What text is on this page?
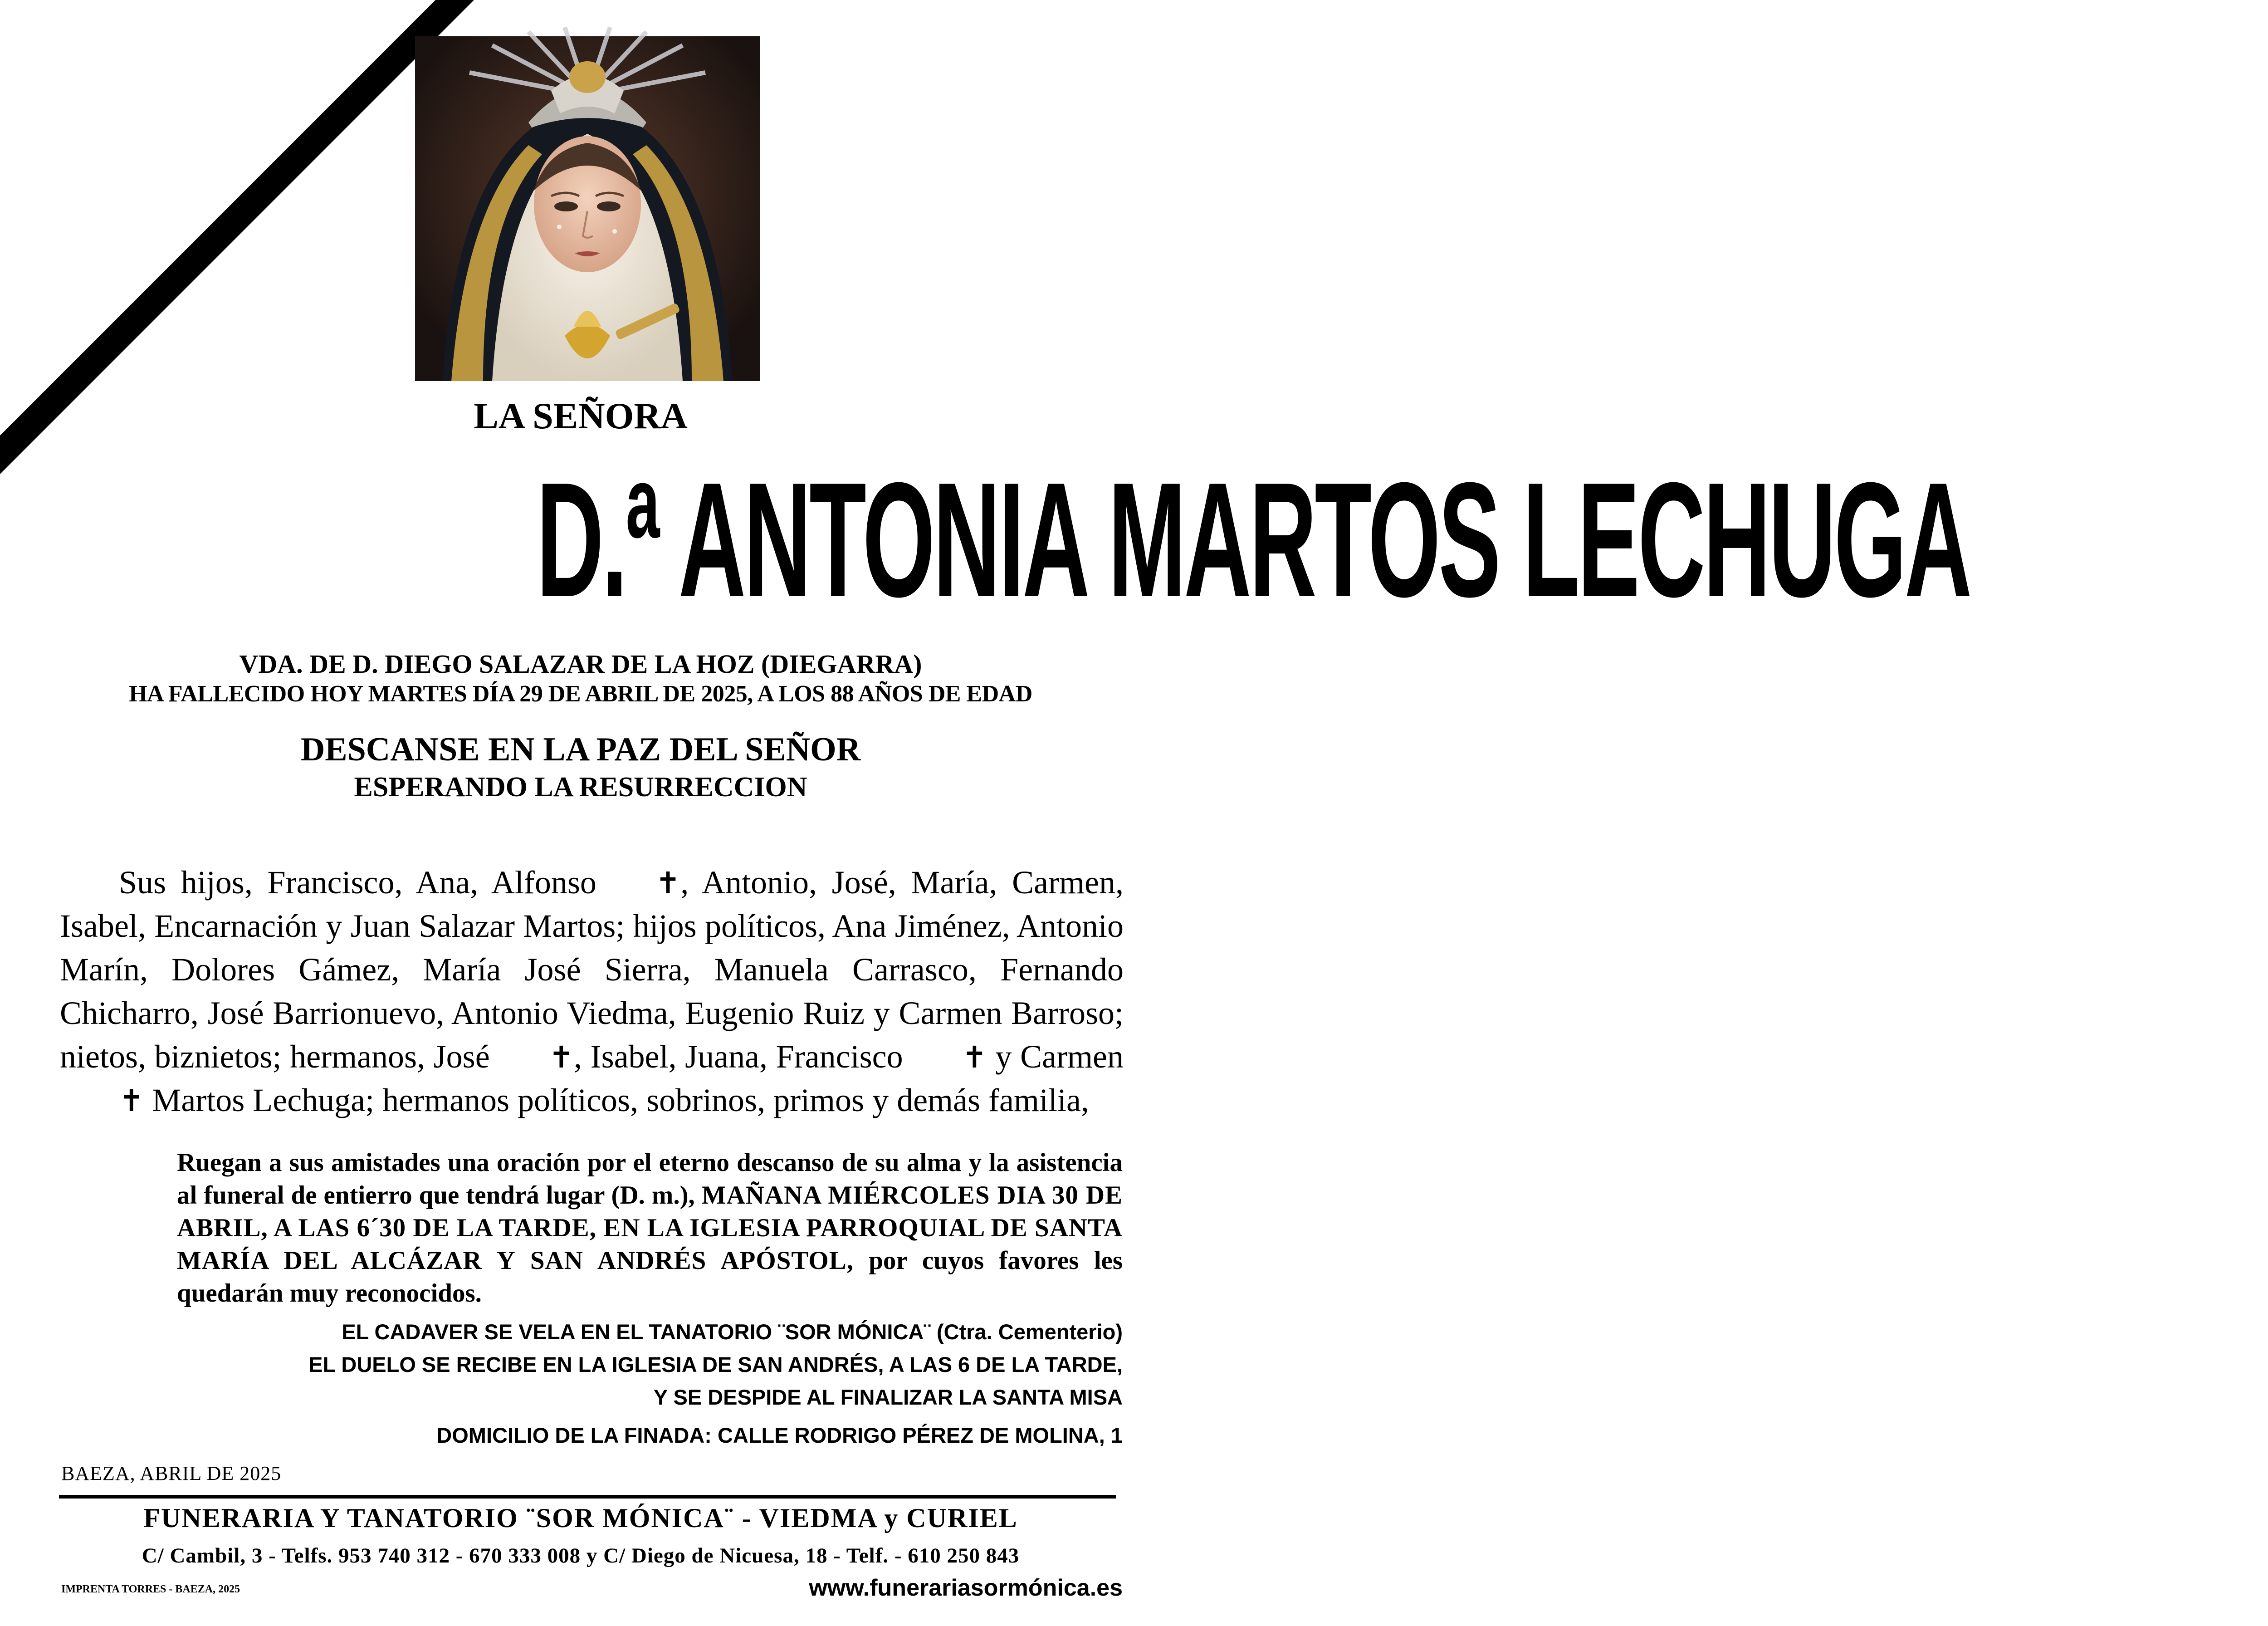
LA SEÑORA
D.ª ANTONIA MARTOS LECHUGA
VDA. DE D. DIEGO SALAZAR DE LA HOZ (DIEGARRA)
HA FALLECIDO HOY MARTES DÍA 29 DE ABRIL DE 2025, A LOS 88 AÑOS DE EDAD
DESCANSE EN LA PAZ DEL SEÑOR
ESPERANDO LA RESURRECCION

Sus hijos, Francisco, Ana, Alfonso ✝, Antonio, José, María, Carmen, Isabel, Encarnación y Juan Salazar Martos; hijos políticos, Ana Jiménez, Antonio Marín, Dolores Gámez, María José Sierra, Manuela Carrasco, Fernando Chicharro, José Barrionuevo, Antonio Viedma, Eugenio Ruiz y Carmen Barroso; nietos, biznietos; hermanos, José ✝, Isabel, Juana, Francisco ✝ y Carmen✝ Martos Lechuga; hermanos políticos, sobrinos, primos y demás familia,

Ruegan a sus amistades una oración por el eterno descanso de su alma y la asistencia al funeral de entierro que tendrá lugar (D. m.), MAÑANA MIÉRCOLES DIA 30 DE ABRIL, A LAS 6´30 DE LA TARDE, EN LA IGLESIA PARROQUIAL DE SANTA MARÍA DEL ALCÁZAR Y SAN ANDRÉS APÓSTOL, por cuyos favores les quedarán muy reconocidos.

EL CADAVER SE VELA EN EL TANATORIO ¨SOR MÓNICA¨ (Ctra. Cementerio)
EL DUELO SE RECIBE EN LA IGLESIA DE SAN ANDRÉS, A LAS 6 DE LA TARDE,
Y SE DESPIDE AL FINALIZAR LA SANTA MISA
DOMICILIO DE LA FINADA: CALLE RODRIGO PÉREZ DE MOLINA, 1
BAEZA, ABRIL DE 2025
FUNERARIA Y TANATORIO ¨SOR MÓNICA¨ - VIEDMA y CURIEL
C/ Cambil, 3 - Telfs. 953 740 312 - 670 333 008 y C/ Diego de Nicuesa, 18 - Telf. - 610 250 843
IMPRENTA TORRES - BAEZA, 2025	www.funerariasormónica.es
